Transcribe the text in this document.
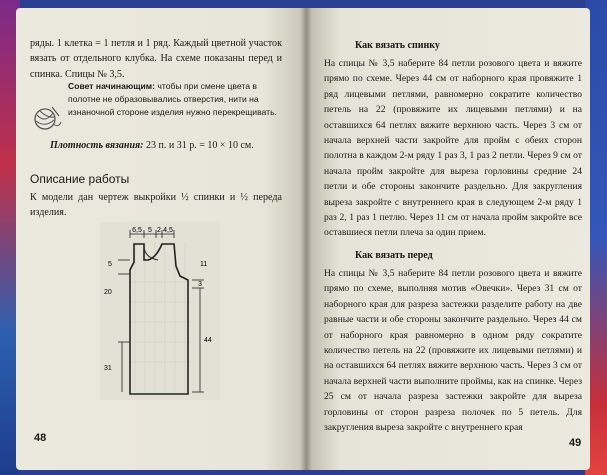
ряды. 1 клетка = 1 петля и 1 ряд. Каждый цветной участок вязать от отдельного клубка. На схеме показаны перед и спинка. Спицы № 3,5.
Совет начинающим: чтобы при смене цвета в полотне не образовывались отверстия, нити на изнаночной стороне изделия нужно перекрещивать.
Плотность вязания: 23 п. и 31 р. = 10 × 10 см.
Описание работы
К модели дан чертеж выкройки ½ спинки и ½ переда изделия.
6,5 5 2 4,5
5	11
3
20
44
31
48
Как вязать спинку
На спицы № 3,5 наберите 84 петли розового цвета и вяжите прямо по схеме. Через 44 см от наборного края провяжите 1 ряд лицевыми петлями, равномерно сократите количество петель на 22 (провяжите их лицевыми петлями) и на оставшихся 64 петлях вяжите верхнюю часть. Через 3 см от начала верхней части закройте для пройм с обеих сторон полотна в каждом 2-м ряду 1 раз 3, 1 раз 2 петли. Через 9 см от начала пройм закройте для выреза горловины средние 24 петли и обе стороны закончите раздельно. Для закругления выреза закройте с внутреннего края в следующем 2-м ряду 1 раз 2, 1 раз 1 петлю. Через 11 см от начала пройм закройте все оставшиеся петли плеча за один прием.
Как вязать перед
На спицы № 3,5 наберите 84 петли розового цвета и вяжите прямо по схеме, выполняя мотив «Овечки». Через 31 см от наборного края для разреза застежки разделите работу на две равные части и обе стороны закончите раздельно. Через 44 см от наборного края равномерно в одном ряду сократите количество петель на 22 (провяжите их лицевыми петлями) и на оставшихся 64 петлях вяжите верхнюю часть. Через 3 см от начала верхней части выполните проймы, как на спинке. Через 25 см от начала разреза застежки закройте для выреза горловины от сторон разреза полочек по 5 петель. Для закругления выреза закройте с внутреннего края
49
